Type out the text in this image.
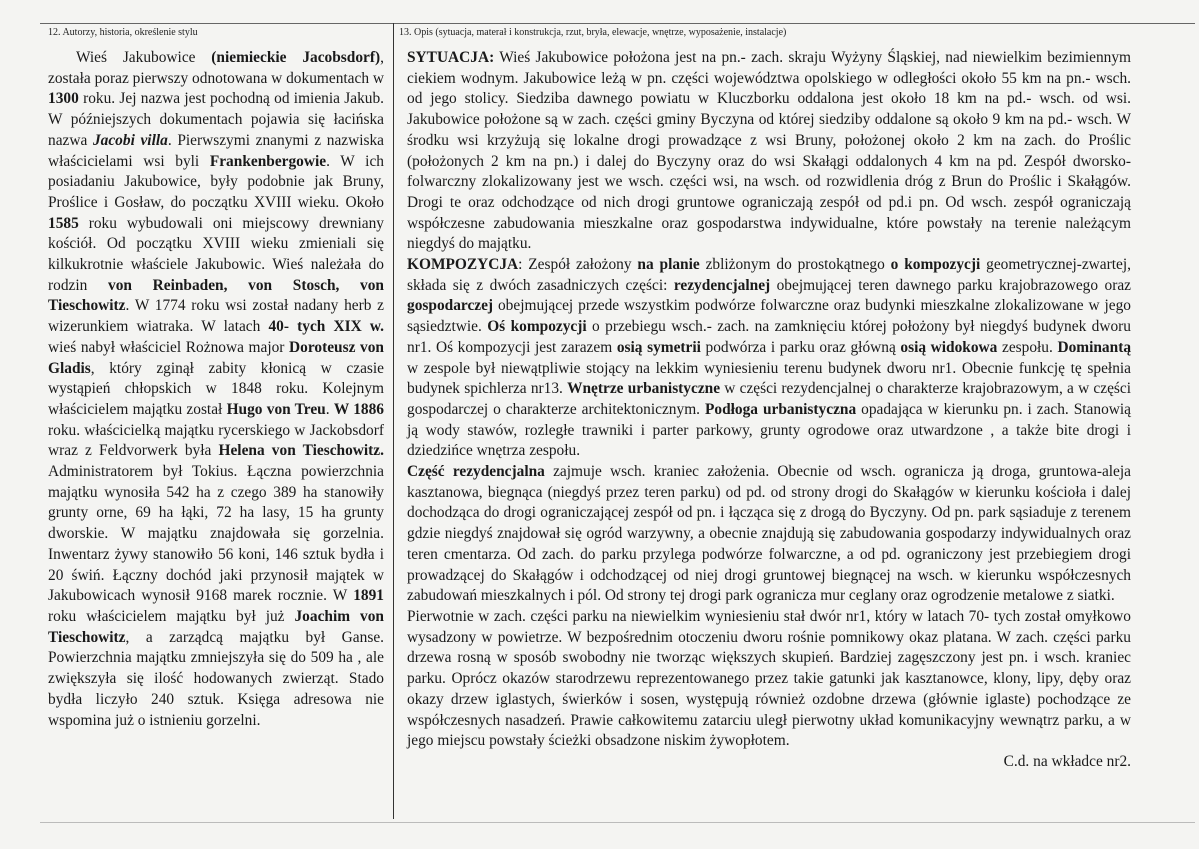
12. Autorzy, historia, określenie stylu	13. Opis (sytuacja, materał i konstrukcja, rzut, bryła, elewacje, wnętrze, wyposażenie, instalacje)

Wieś Jakubowice (niemieckie Jacobsdorf), została poraz pierwszy odnotowana w dokumentach w 1300 roku. Jej nazwa jest pochodną od imienia Jakub. W późniejszych dokumentach pojawia się łacińska nazwa Jacobi villa. Pierwszymi znanymi z nazwiska właścicielami wsi byli Frankenbergowie. W ich posiadaniu Jakubowice, były podobnie jak Bruny, Proślice i Gosław, do początku XVIII wieku. Około 1585 roku wybudowali oni miejscowy drewniany kościół. Od początku XVIII wieku zmieniali się kilkukrotnie właściele Jakubowic. Wieś należała do rodzin von Reinbaden, von Stosch, von Tieschowitz. W 1774 roku wsi został nadany herb z wizerunkiem wiatraka. W latach 40- tych XIX w. wieś nabył właściciel Rożnowa major Doroteusz von Gladis, który zginął zabity kłonicą w czasie wystąpień chłopskich w 1848 roku. Kolejnym właścicielem majątku został Hugo von Treu. W 1886 roku. właścicielką majątku rycerskiego w Jackobsdorf wraz z Feldvorwerk była Helena von Tieschowitz. Administratorem był Tokius. Łączna powierzchnia majątku wynosiła 542 ha z czego 389 ha stanowiły grunty orne, 69 ha łąki, 72 ha lasy, 15 ha grunty dworskie. W majątku znajdowała się gorzelnia. Inwentarz żywy stanowiło 56 koni, 146 sztuk bydła i 20 świń. Łączny dochód jaki przynosił majątek w Jakubowicach wynosił 9168 marek rocznie. W 1891 roku właścicielem majątku był już Joachim von Tieschowitz, a zarządcą majątku był Ganse. Powierzchnia majątku zmniejszyła się do 509 ha , ale zwiększyła się ilość hodowanych zwierząt. Stado bydła liczyło 240 sztuk. Księga adresowa nie wspomina już o istnieniu gorzelni.

SYTUACJA: Wieś Jakubowice położona jest na pn.- zach. skraju Wyżyny Śląskiej, nad niewielkim bezimiennym ciekiem wodnym. Jakubowice leżą w pn. części województwa opolskiego w odległości około 55 km na pn.- wsch. od jego stolicy. Siedziba dawnego powiatu w Kluczborku oddalona jest około 18 km na pd.- wsch. od wsi. Jakubowice położone są w zach. części gminy Byczyna od której siedziby oddalone są około 9 km na pd.- wsch. W środku wsi krzyżują się lokalne drogi prowadzące z wsi Bruny, położonej około 2 km na zach. do Proślic (położonych 2 km na pn.) i dalej do Byczyny oraz do wsi Skałągi oddalonych 4 km na pd. Zespół dworsko- folwarczny zlokalizowany jest we wsch. części wsi, na wsch. od rozwidlenia dróg z Brun do Proślic i Skałągów. Drogi te oraz odchodzące od nich drogi gruntowe ograniczają zespół od pd.i pn. Od wsch. zespół ograniczają współczesne zabudowania mieszkalne oraz gospodarstwa indywidualne, które powstały na terenie należącym niegdyś do majątku.

KOMPOZYCJA: Zespół założony na planie zbliżonym do prostokątnego o kompozycji geometrycznej-zwartej, składa się z dwóch zasadniczych części: rezydencjalnej obejmującej teren dawnego parku krajobrazowego oraz gospodarczej obejmującej przede wszystkim podwórze folwarczne oraz budynki mieszkalne zlokalizowane w jego sąsiedztwie. Oś kompozycji o przebiegu wsch.- zach. na zamknięciu której położony był niegdyś budynek dworu nr1. Oś kompozycji jest zarazem osią symetrii podwórza i parku oraz główną osią widokowa zespołu. Dominantą w zespole był niewątpliwie stojący na lekkim wyniesieniu terenu budynek dworu nr1. Obecnie funkcję tę spełnia budynek spichlerza nr13. Wnętrze urbanistyczne w części rezydencjalnej o charakterze krajobrazowym, a w części gospodarczej o charakterze architektonicznym. Podłoga urbanistyczna opadająca w kierunku pn. i zach. Stanowią ją wody stawów, rozległe trawniki i parter parkowy, grunty ogrodowe oraz utwardzone , a także bite drogi i dziedzińce wnętrza zespołu.

Część rezydencjalna zajmuje wsch. kraniec założenia. Obecnie od wsch. ogranicza ją droga, gruntowa-aleja kasztanowa, biegnąca (niegdyś przez teren parku) od pd. od strony drogi do Skałągów w kierunku kościoła i dalej dochodząca do drogi ograniczającej zespół od pn. i łącząca się z drogą do Byczyny. Od pn. park sąsiaduje z terenem gdzie niegdyś znajdował się ogród warzywny, a obecnie znajdują się zabudowania gospodarzy indywidualnych oraz teren cmentarza. Od zach. do parku przylega podwórze folwarczne, a od pd. ograniczony jest przebiegiem drogi prowadzącej do Skałągów i odchodzącej od niej drogi gruntowej biegnącej na wsch. w kierunku współczesnych zabudowań mieszkalnych i pól. Od strony tej drogi park ogranicza mur ceglany oraz ogrodzenie metalowe z siatki.

Pierwotnie w zach. części parku na niewielkim wyniesieniu stał dwór nr1, który w latach 70- tych został omyłkowo wysadzony w powietrze. W bezpośrednim otoczeniu dworu rośnie pomnikowy okaz platana. W zach. części parku drzewa rosną w sposób swobodny nie tworząc większych skupień. Bardziej zagęszczony jest pn. i wsch. kraniec parku. Oprócz okazów starodrzewu reprezentowanego przez takie gatunki jak kasztanowce, klony, lipy, dęby oraz okazy drzew iglastych, świerków i sosen, występują również ozdobne drzewa (głównie iglaste) pochodzące ze współczesnych nasadzeń. Prawie całkowitemu zatarciu uległ pierwotny układ komunikacyjny wewnątrz parku, a w jego miejscu powstały ścieżki obsadzone niskim żywopłotem.

C.d. na wkładce nr2.
